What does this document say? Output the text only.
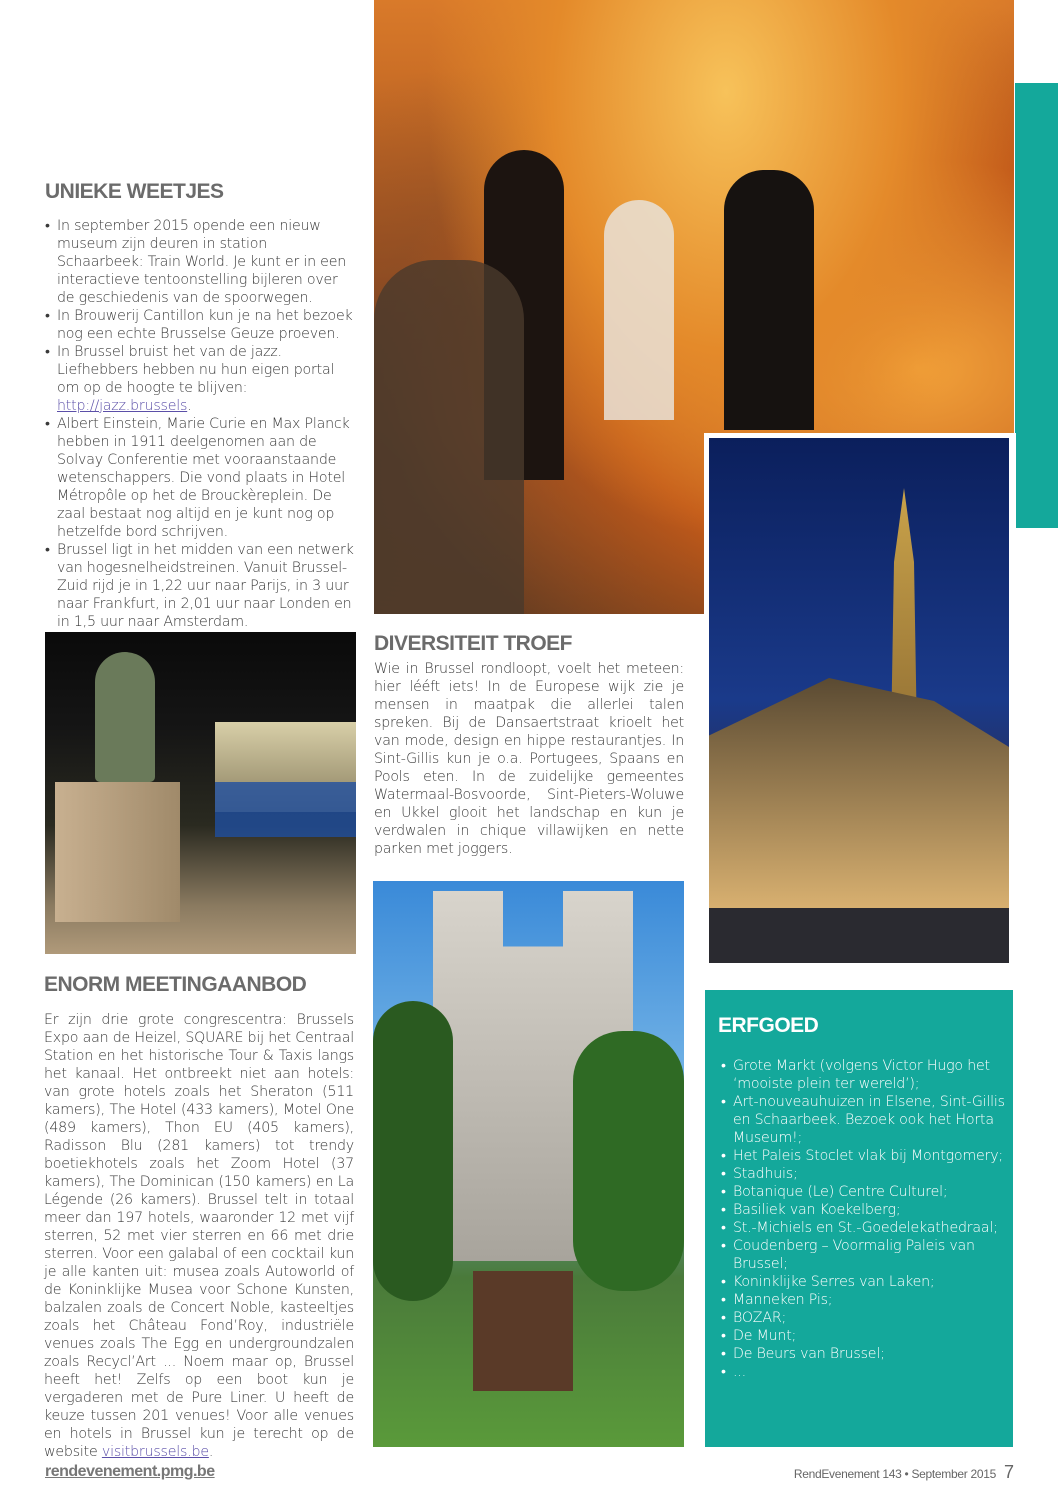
UNIEKE WEETJES
• In september 2015 opende een nieuw museum zijn deuren in station Schaarbeek: Train World. Je kunt er in een interactieve tentoonstelling bijleren over de geschiedenis van de spoorwegen.
• In Brouwerij Cantillon kun je na het bezoek nog een echte Brusselse Geuze proeven.
• In Brussel bruist het van de jazz. Liefhebbers hebben nu hun eigen portal om op de hoogte te blijven: http://jazz.brussels.
• Albert Einstein, Marie Curie en Max Planck hebben in 1911 deelgenomen aan de Solvay Conferentie met vooraanstaande wetenschappers. Die vond plaats in Hotel Métropôle op het de Brouckèreplein. De zaal bestaat nog altijd en je kunt nog op hetzelfde bord schrijven.
• Brussel ligt in het midden van een netwerk van hogesnelheidstreinen. Vanuit Brussel-Zuid rijd je in 1,22 uur naar Parijs, in 3 uur naar Frankfurt, in 2,01 uur naar Londen en in 1,5 uur naar Amsterdam.
DIVERSITEIT TROEF

Wie in Brussel rondloopt, voelt het meteen: hier lééft iets! In de Europese wijk zie je mensen in maatpak die allerlei talen spreken. Bij de Dansaertstraat krioelt het van mode, design en hippe restaurantjes. In Sint-Gillis kun je o.a. Portugees, Spaans en Pools eten. In de zuidelijke gemeentes Watermaal-Bosvoorde, Sint-Pieters-Woluwe en Ukkel glooit het landschap en kun je verdwalen in chique villawijken en nette parken met joggers.

ENORM MEETINGAANBOD

Er zijn drie grote congrescentra: Brussels Expo aan de Heizel, SQUARE bij het Centraal Station en het historische Tour & Taxis langs het kanaal. Het ontbreekt niet aan hotels: van grote hotels zoals het Sheraton (511 kamers), The Hotel (433 kamers), Motel One (489 kamers), Thon EU (405 kamers), Radisson Blu (281 kamers) tot trendy boetiekhotels zoals het Zoom Hotel (37 kamers), The Dominican (150 kamers) en La Légende (26 kamers). Brussel telt in totaal meer dan 197 hotels, waaronder 12 met vijf sterren, 52 met vier sterren en 66 met drie sterren. Voor een galabal of een cocktail kun je alle kanten uit: musea zoals Autoworld of de Koninklijke Musea voor Schone Kunsten, balzalen zoals de Concert Noble, kasteeltjes zoals het Château Fond’Roy, industriële venues zoals The Egg en undergroundzalen zoals Recycl’Art ... Noem maar op, Brussel heeft het! Zelfs op een boot kun je vergaderen met de Pure Liner. U heeft de keuze tussen 201 venues! Voor alle venues en hotels in Brussel kun je terecht op de website visitbrussels.be.

ERFGOED
• Grote Markt (volgens Victor Hugo het ‘mooiste plein ter wereld’);
• Art-nouveauhuizen in Elsene, Sint-Gillis en Schaarbeek. Bezoek ook het Horta Museum!;
• Het Paleis Stoclet vlak bij Montgomery;
• Stadhuis;
• Botanique (Le) Centre Culturel;
• Basiliek van Koekelberg;
• St.-Michiels en St.-Goedelekathedraal;
• Coudenberg – Voormalig Paleis van Brussel;
• Koninklijke Serres van Laken;
• Manneken Pis;
• BOZAR;
• De Munt;
• De Beurs van Brussel;
• ...
rendevenement.pmg.be	RendEvenement 143 • September 2015 7
